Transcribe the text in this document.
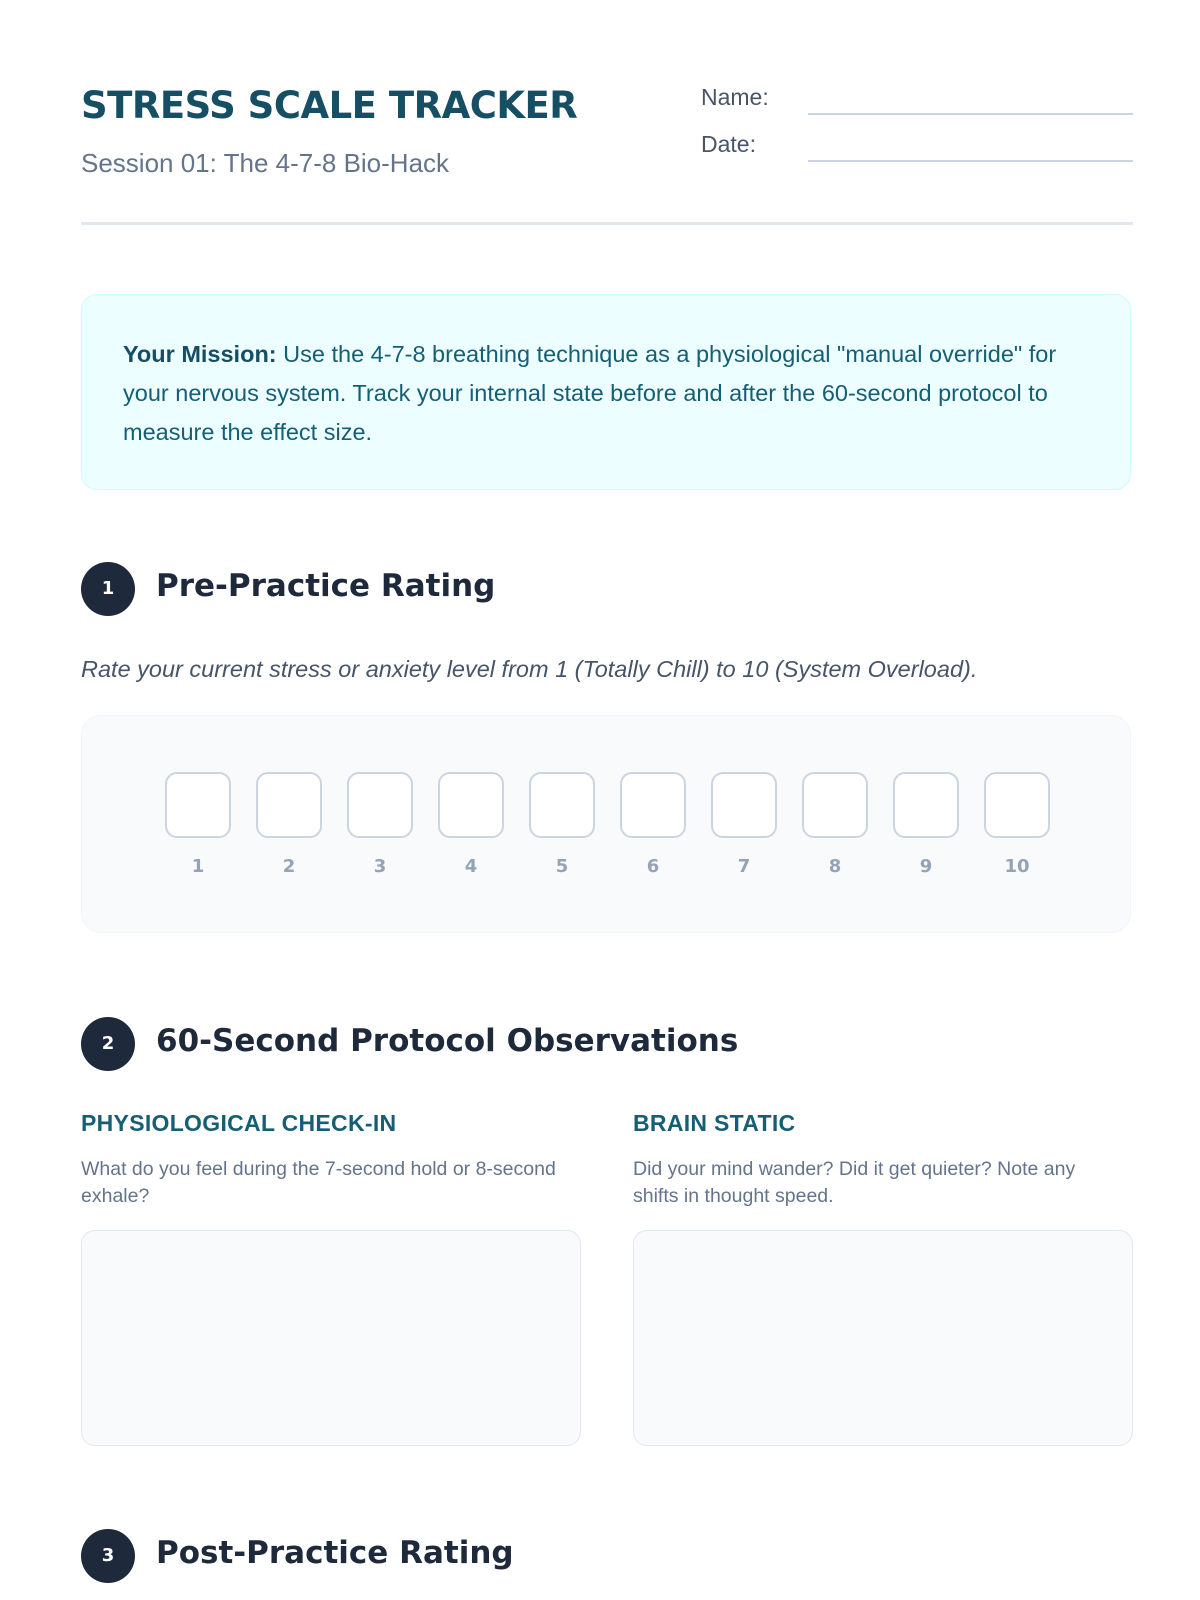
STRESS SCALE TRACKER

Session 01: The 4-7-8 Bio-Hack

Name:
Date:
Your Mission: Use the 4-7-8 breathing technique as a physiological "manual override" for your nervous system. Track your internal state before and after the 60-second protocol to measure the effect size.
1	Pre-Practice Rating

Rate your current stress or anxiety level from 1 (Totally Chill) to 10 (System Overload).

1	2	3	4	5	6	7	8	9	10
2	60-Second Protocol Observations
PHYSIOLOGICAL CHECK-IN

What do you feel during the 7-second hold or 8-second exhale?

BRAIN STATIC

Did your mind wander? Did it get quieter? Note any shifts in thought speed.

3	Post-Practice Rating
